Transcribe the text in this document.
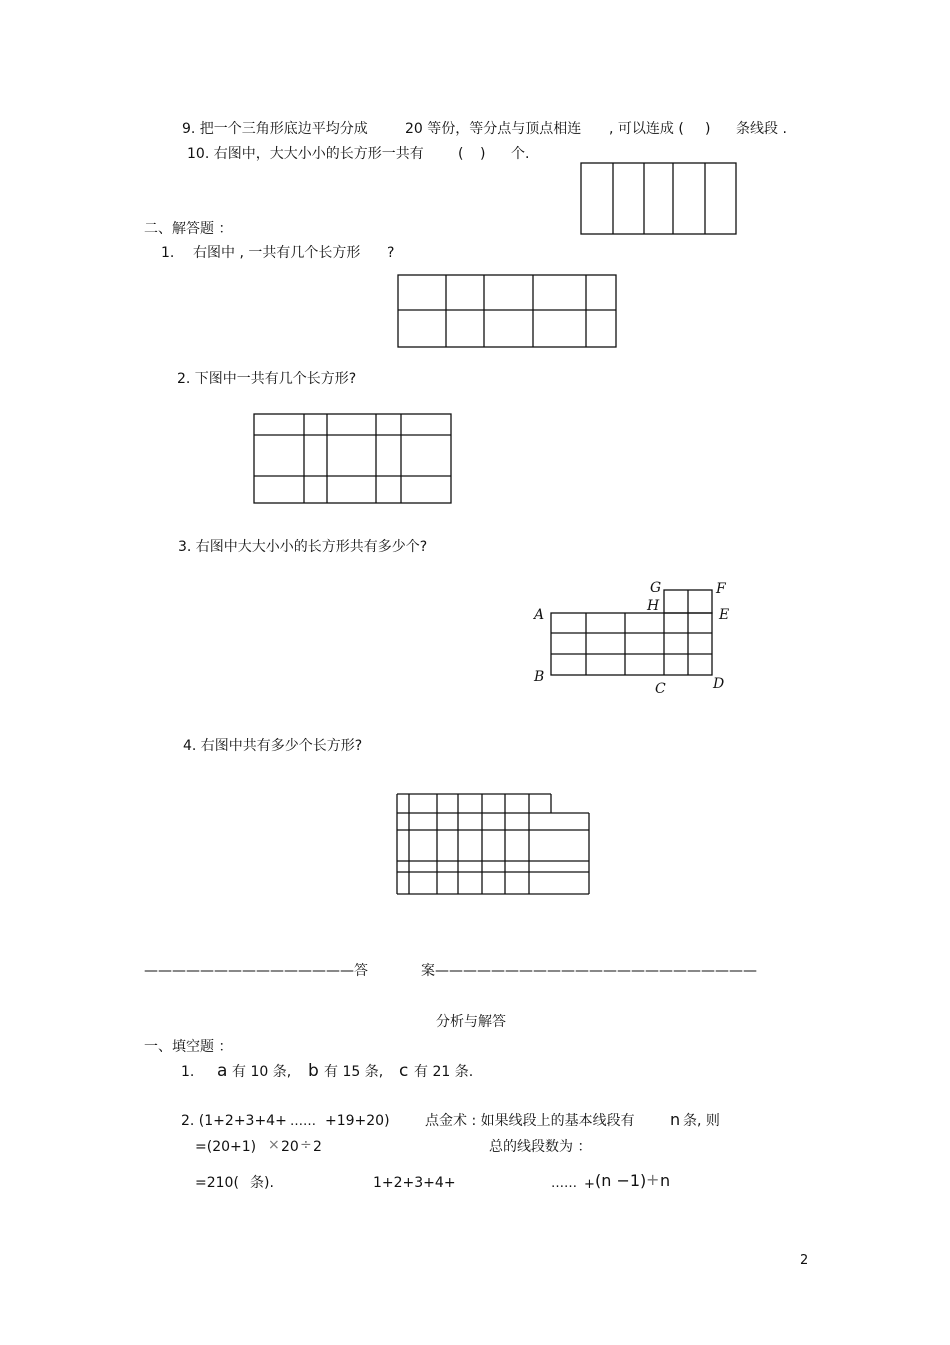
9. 把一个三角形底边平均分成	20 等份，等分点与顶点相连 , 可以连成 ( ) 条线段 .
10. 右图中，大大小小的长方形一共有 ( ) 个.
二、解答题 ：
1. 右图中 , 一共有几个长方形 ?
2. 下图中一共有几个长方形?
3. 右图中大大小小的长方形共有多少个?
A
B
C	D
E
F
G
H
4. 右图中共有多少个长方形?
———————————————答	案———————————————————————
分析与解答
一、填空题 ：
1. a 有 10 条, b 有 15 条, c 有 21 条.
2. (1+2+3+4+ …… +19+20)	点金术 : 如果线段上的基本线段有 n 条, 则
=(20+1) × 20 ÷ 2	总的线段数为 ：
=210( 条).	1+2+3+4+	…… + (n −1) + n
2
